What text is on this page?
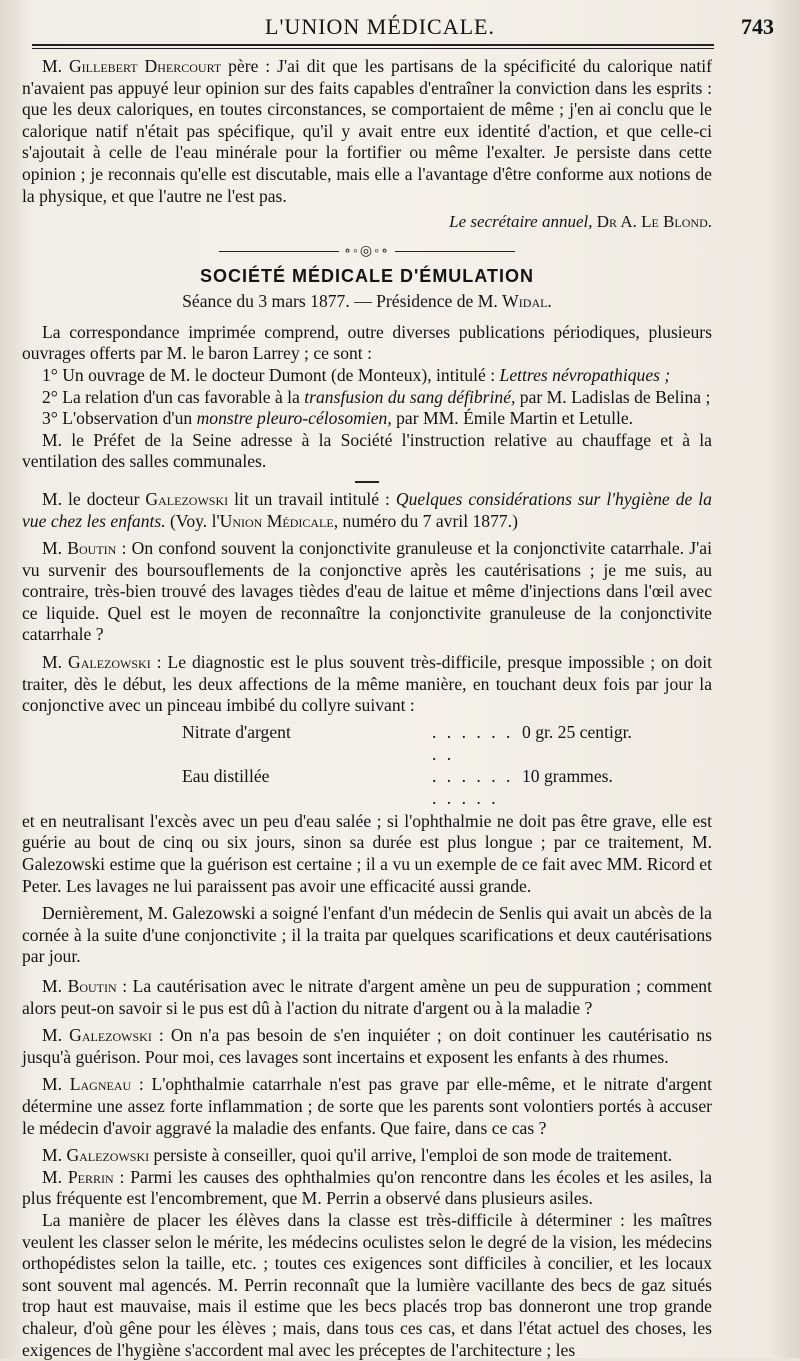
L'UNION MÉDICALE.	743

M. Gillebert Dhercourt père : J'ai dit que les partisans de la spécificité du calorique natif n'avaient pas appuyé leur opinion sur des faits capables d'entraîner la conviction dans les esprits : que les deux caloriques, en toutes circonstances, se comportaient de même ; j'en ai conclu que le calorique natif n'était pas spécifique, qu'il y avait entre eux identité d'action, et que celle-ci s'ajoutait à celle de l'eau minérale pour la fortifier ou même l'exalter. Je persiste dans cette opinion ; je reconnais qu'elle est discutable, mais elle a l'avantage d'être conforme aux notions de la physique, et que l'autre ne l'est pas.

Le secrétaire annuel, Dr A. Le Blond.

∘◦◎◦∘
SOCIÉTÉ MÉDICALE D'ÉMULATION
Séance du 3 mars 1877. — Présidence de M. Widal.

La correspondance imprimée comprend, outre diverses publications périodiques, plusieurs ouvrages offerts par M. le baron Larrey ; ce sont :

1° Un ouvrage de M. le docteur Dumont (de Monteux), intitulé : Lettres névropathiques ;

2° La relation d'un cas favorable à la transfusion du sang défibriné, par M. Ladislas de Belina ;

3° L'observation d'un monstre pleuro-célosomien, par MM. Émile Martin et Letulle.

M. le Préfet de la Seine adresse à la Société l'instruction relative au chauffage et à la ventilation des salles communales.

M. le docteur Galezowski lit un travail intitulé : Quelques considérations sur l'hygiène de la vue chez les enfants. (Voy. l'Union Médicale, numéro du 7 avril 1877.)

M. Boutin : On confond souvent la conjonctivite granuleuse et la conjonctivite catarrhale. J'ai vu survenir des boursouflements de la conjonctive après les cautérisations ; je me suis, au contraire, très-bien trouvé des lavages tièdes d'eau de laitue et même d'injections dans l'œil avec ce liquide. Quel est le moyen de reconnaître la conjonctivite granuleuse de la conjonctivite catarrhale ?

M. Galezowski : Le diagnostic est le plus souvent très-difficile, presque impossible ; on doit traiter, dès le début, les deux affections de la même manière, en touchant deux fois par jour la conjonctive avec un pinceau imbibé du collyre suivant :

Nitrate d'argent	. . . . . . . .
0 gr. 25 centigr.
Eau distillée	. . . . . . . . . . .
10 grammes.

et en neutralisant l'excès avec un peu d'eau salée ; si l'ophthalmie ne doit pas être grave, elle est guérie au bout de cinq ou six jours, sinon sa durée est plus longue ; par ce traitement, M. Galezowski estime que la guérison est certaine ; il a vu un exemple de ce fait avec MM. Ricord et Peter. Les lavages ne lui paraissent pas avoir une efficacité aussi grande.

Dernièrement, M. Galezowski a soigné l'enfant d'un médecin de Senlis qui avait un abcès de la cornée à la suite d'une conjonctivite ; il la traita par quelques scarifications et deux cautérisations par jour.

M. Boutin : La cautérisation avec le nitrate d'argent amène un peu de suppuration ; comment alors peut-on savoir si le pus est dû à l'action du nitrate d'argent ou à la maladie ?

M. Galezowski : On n'a pas besoin de s'en inquiéter ; on doit continuer les cautérisatio ns jusqu'à guérison. Pour moi, ces lavages sont incertains et exposent les enfants à des rhumes.

M. Lagneau : L'ophthalmie catarrhale n'est pas grave par elle-même, et le nitrate d'argent détermine une assez forte inflammation ; de sorte que les parents sont volontiers portés à accuser le médecin d'avoir aggravé la maladie des enfants. Que faire, dans ce cas ?

M. Galezowski persiste à conseiller, quoi qu'il arrive, l'emploi de son mode de traitement.

M. Perrin : Parmi les causes des ophthalmies qu'on rencontre dans les écoles et les asiles, la plus fréquente est l'encombrement, que M. Perrin a observé dans plusieurs asiles.

La manière de placer les élèves dans la classe est très-difficile à déterminer : les maîtres veulent les classer selon le mérite, les médecins oculistes selon le degré de la vision, les médecins orthopédistes selon la taille, etc. ; toutes ces exigences sont difficiles à concilier, et les locaux sont souvent mal agencés. M. Perrin reconnaît que la lumière vacillante des becs de gaz situés trop haut est mauvaise, mais il estime que les becs placés trop bas donneront une trop grande chaleur, d'où gêne pour les élèves ; mais, dans tous ces cas, et dans l'état actuel des choses, les exigences de l'hygiène s'accordent mal avec les préceptes de l'architecture ; les
